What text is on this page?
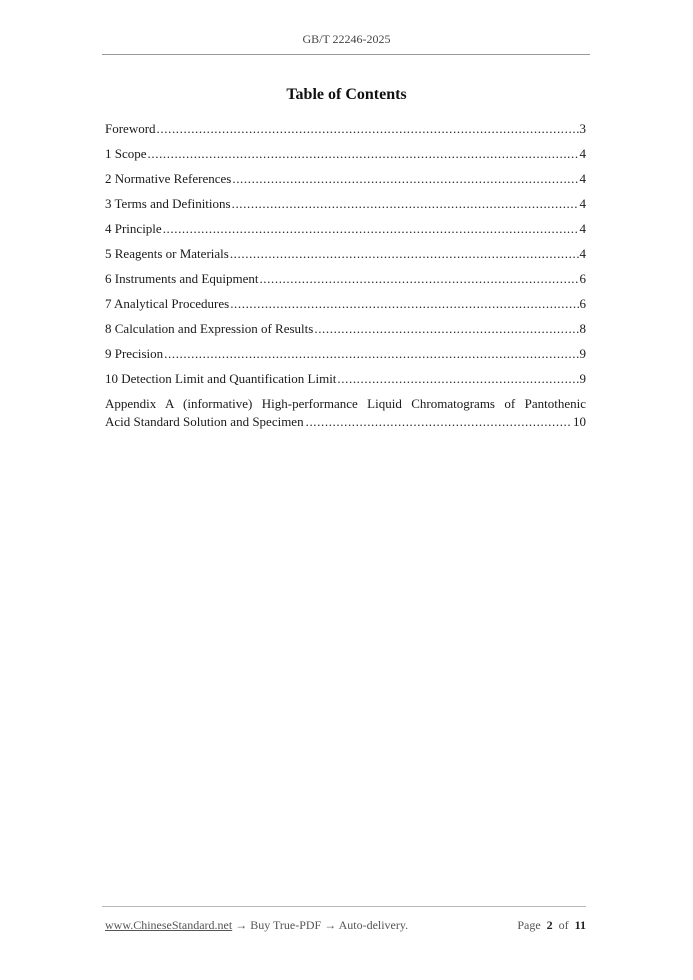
GB/T 22246-2025
Table of Contents
Foreword .....	3
1 Scope .....	4
2 Normative References .....	4
3 Terms and Definitions .....	4
4 Principle .....	4
5 Reagents or Materials .....	4
6 Instruments and Equipment .....	6
7 Analytical Procedures .....	6
8 Calculation and Expression of Results .....	8
9 Precision .....	9
10 Detection Limit and Quantification Limit .....	9
Appendix A (informative) High-performance Liquid Chromatograms of Pantothenic
Acid Standard Solution and Specimen .....	10
www.ChineseStandard.net → Buy True-PDF → Auto-delivery.	Page 2 of 11
